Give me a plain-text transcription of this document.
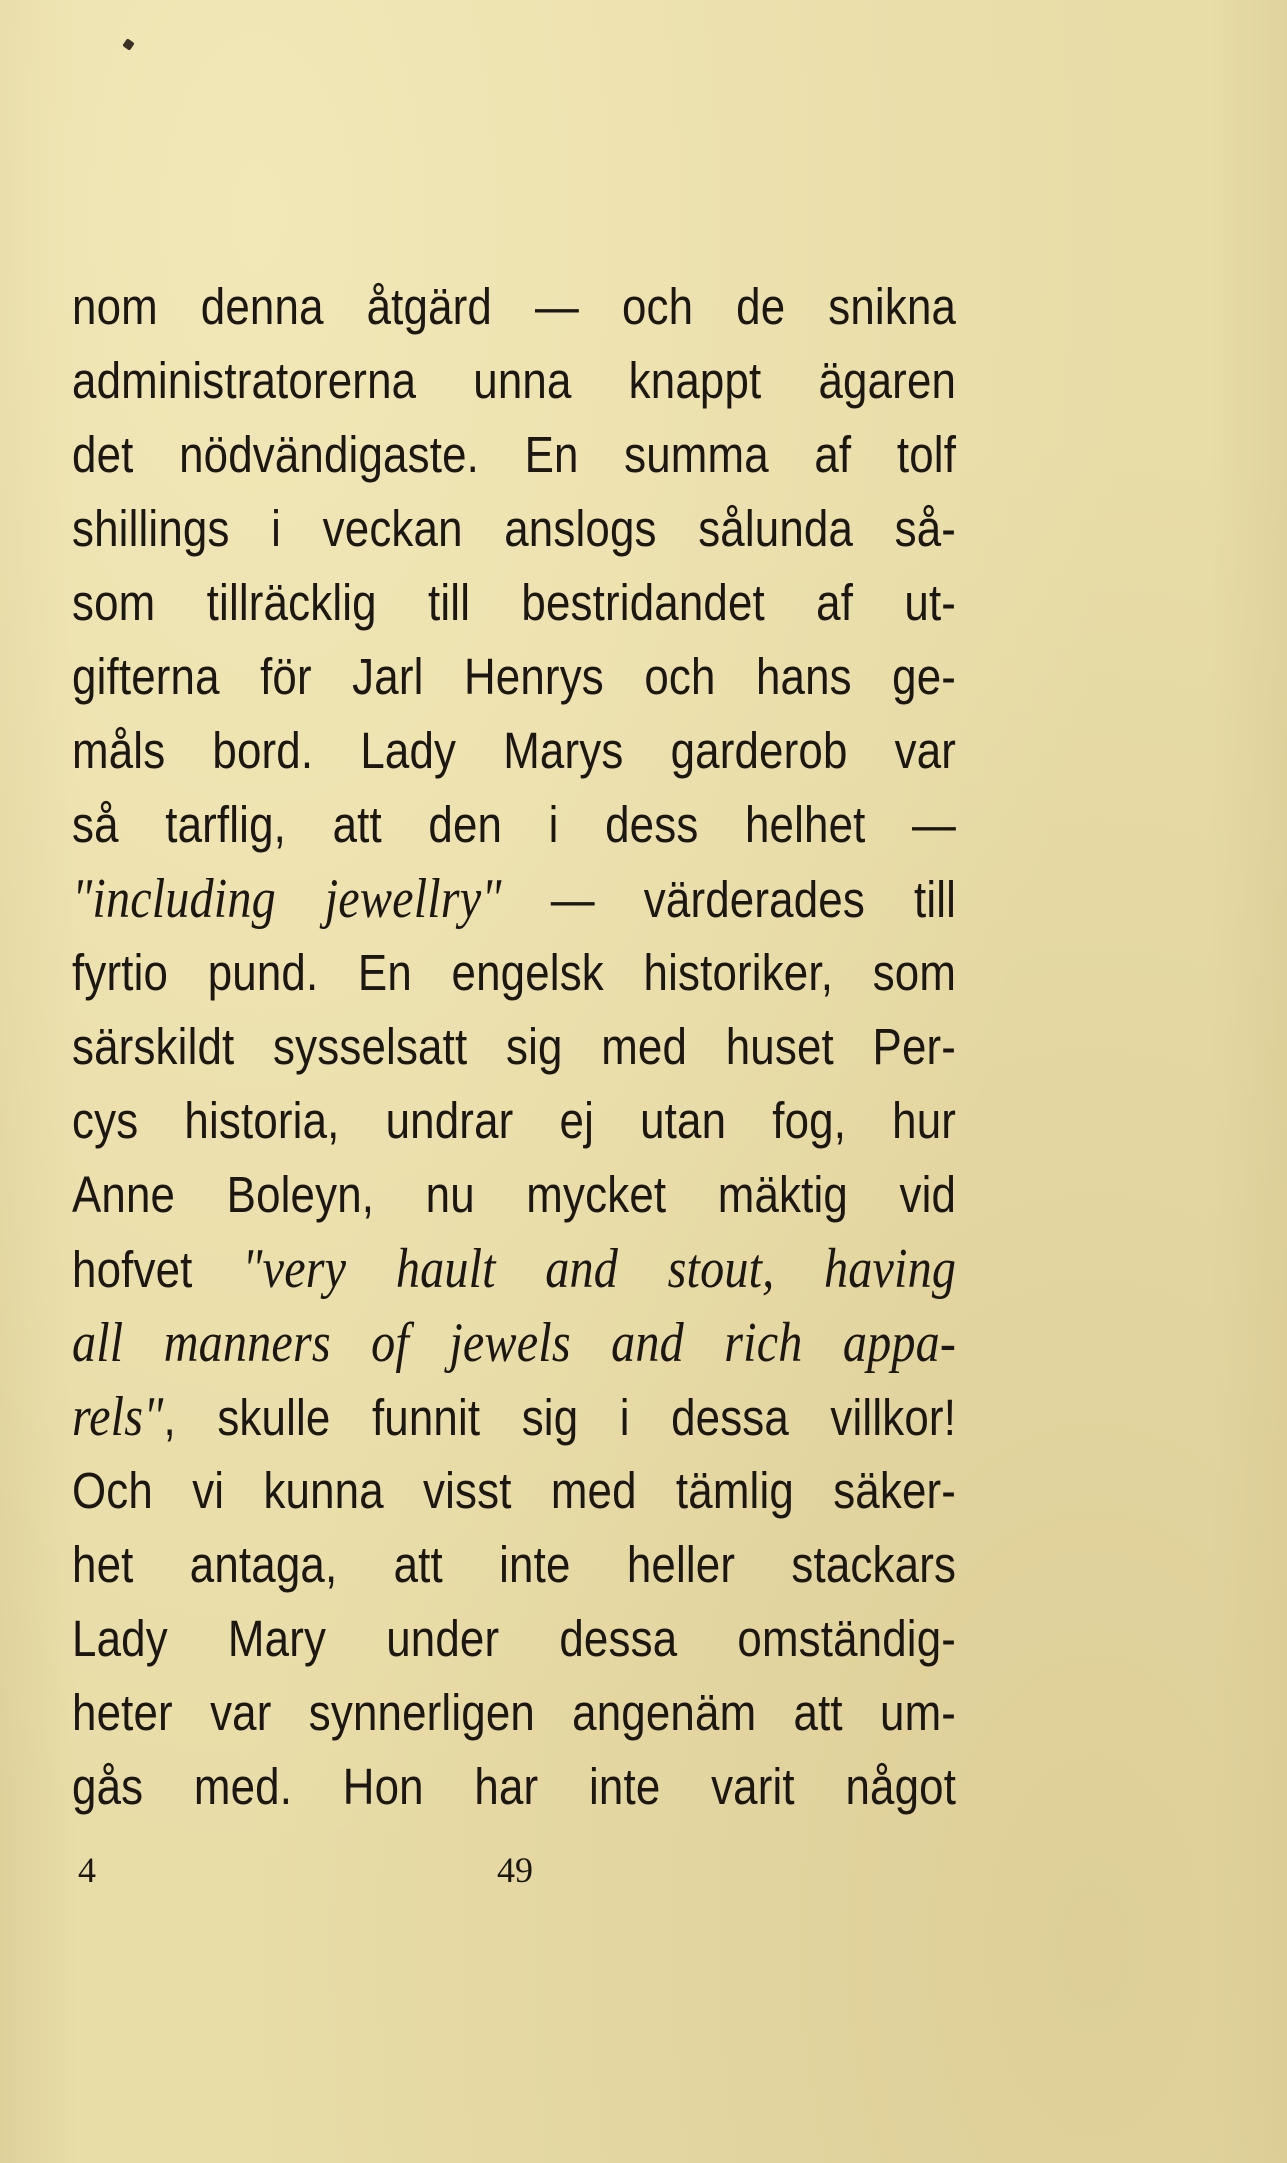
nom denna åtgärd — och de snikna
administratorerna unna knappt ägaren
det nödvändigaste. En summa af tolf
shillings i veckan anslogs sålunda så-
som tillräcklig till bestridandet af ut-
gifterna för Jarl Henrys och hans ge-
måls bord. Lady Marys garderob var
så tarflig, att den i dess helhet —
"including jewellry" — värderades till
fyrtio pund. En engelsk historiker, som
särskildt sysselsatt sig med huset Per-
cys historia, undrar ej utan fog, hur
Anne Boleyn, nu mycket mäktig vid
hofvet "very hault and stout, having
all manners of jewels and rich appa-
rels", skulle funnit sig i dessa villkor!
Och vi kunna visst med tämlig säker-
het antaga, att inte heller stackars
Lady Mary under dessa omständig-
heter var synnerligen angenäm att um-
gås med. Hon har inte varit något
4	49
